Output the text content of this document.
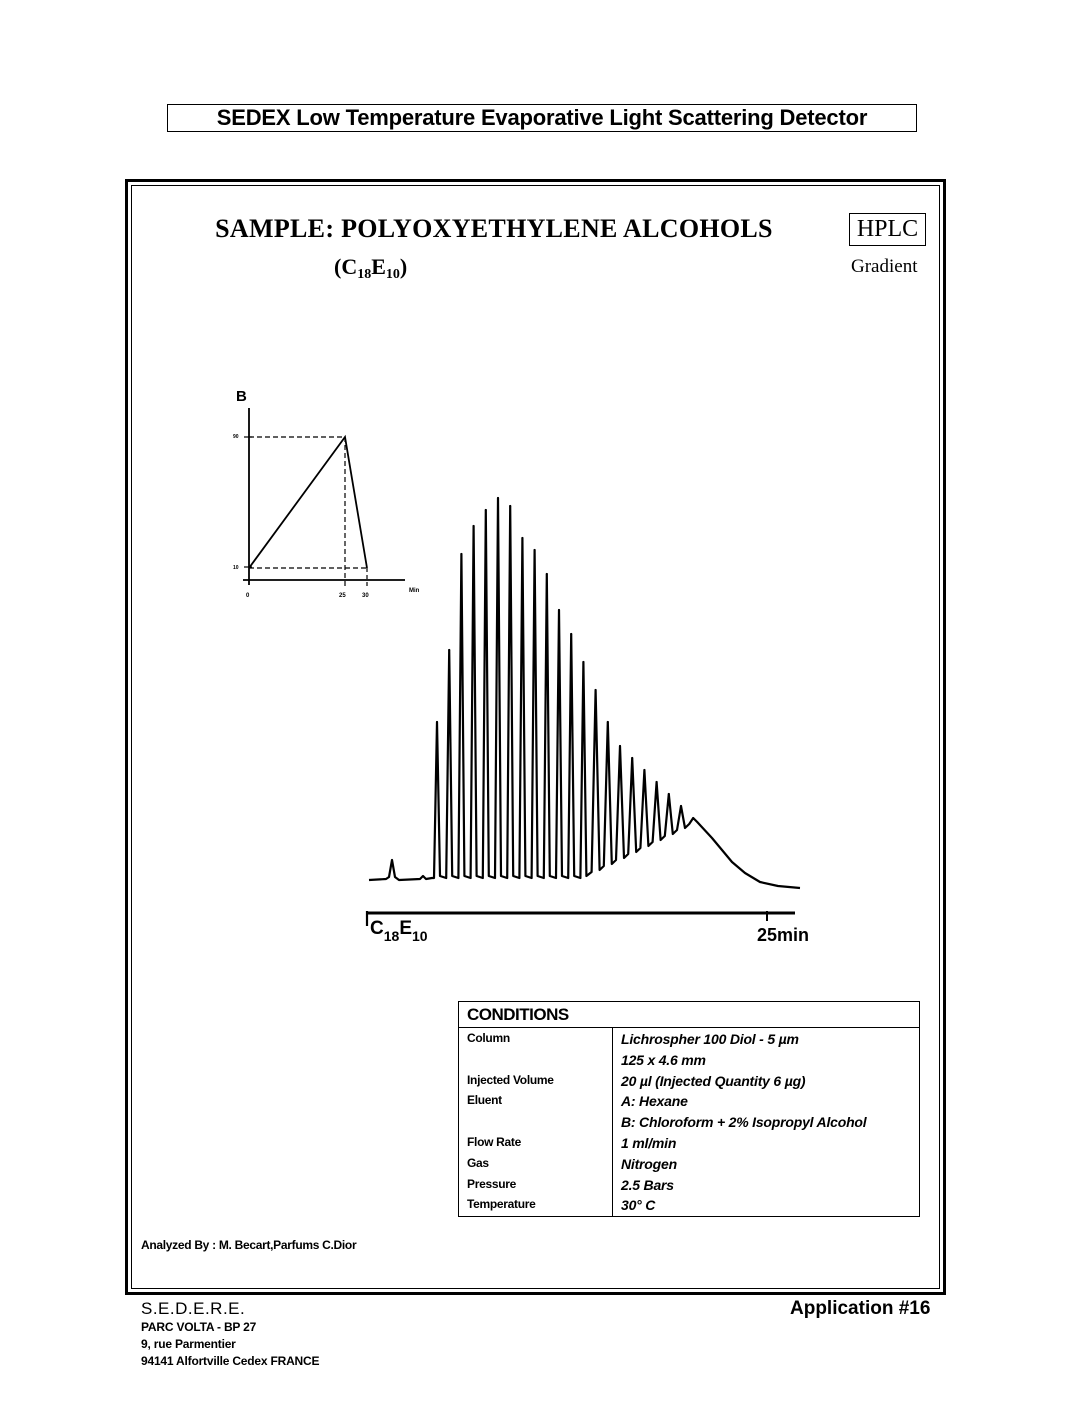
SEDEX Low Temperature Evaporative Light Scattering Detector
SAMPLE: POLYOXYETHYLENE ALCOHOLS
$(C_{18}E_{10})$
HPLC
Gradient
B
90
10
0	25	30
Min
$C_{18}E_{10}$	25min
CONDITIONS
Column	Lichrospher 100 Diol - 5 µm
125 x 4.6 mm
Injected Volume	20 µl (Injected Quantity 6 µg)
Eluent	A: Hexane
B: Chloroform + 2% Isopropyl Alcohol
Flow Rate	1 ml/min
Gas	Nitrogen
Pressure	2.5 Bars
Temperature	30° C
Analyzed By : M. Becart,Parfums C.Dior
S.E.D.E.R.E.
PARC VOLTA - BP 27
9, rue Parmentier
94141 Alfortville Cedex FRANCE
Application #16
